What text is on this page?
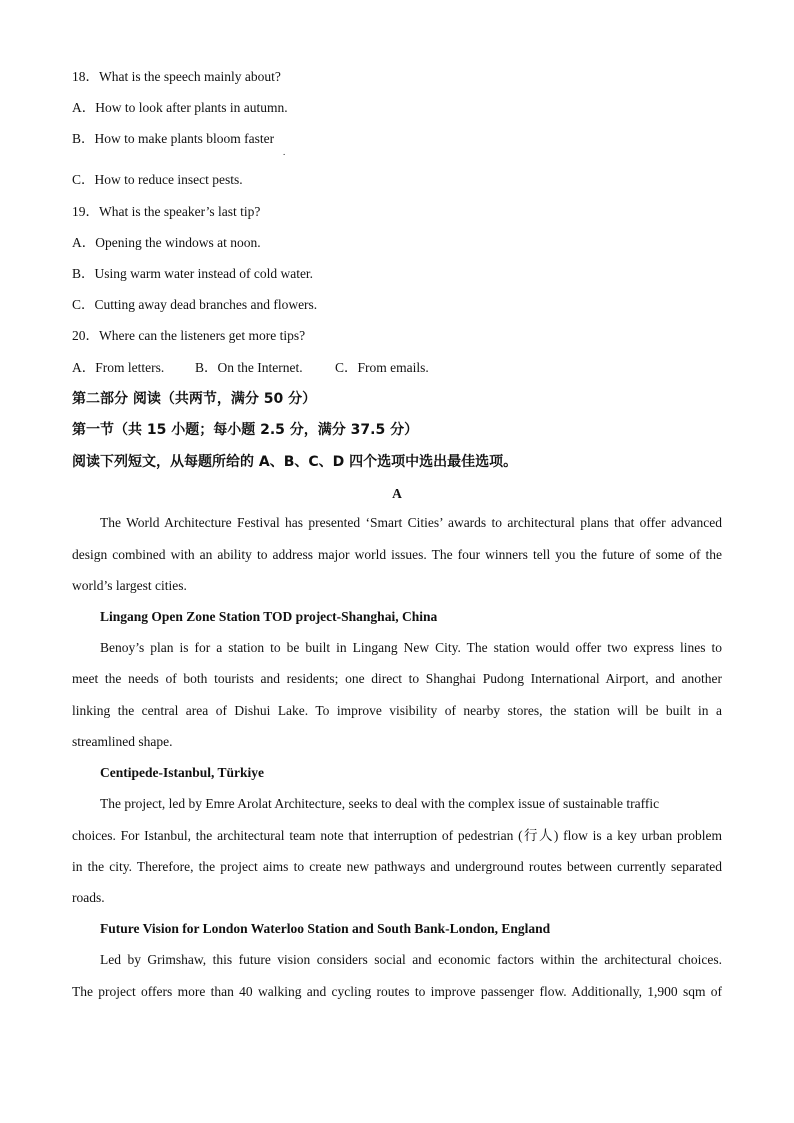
18．What is the speech mainly about?
A．How to look after plants in autumn.
B．How to make plants bloom faster
.
C．How to reduce insect pests.
19．What is the speaker’s last tip?
A．Opening the windows at noon.
B．Using warm water instead of cold water.
C．Cutting away dead branches and flowers.
20．Where can the listeners get more tips?
A．From letters. B．On the Internet. C．From emails.
第二部分 阅读（共两节，满分 50 分）
第一节（共 15 小题；每小题 2.5 分，满分 37.5 分）
阅读下列短文，从每题所给的 A、B、C、D 四个选项中选出最佳选项。
A
The World Architecture Festival has presented ‘Smart Cities’ awards to architectural plans that offer advanced
design combined with an ability to address major world issues. The four winners tell you the future of some of the
world’s largest cities.
Lingang Open Zone Station TOD project-Shanghai, China
Benoy’s plan is for a station to be built in Lingang New City. The station would offer two express lines to
meet the needs of both tourists and residents; one direct to Shanghai Pudong International Airport, and another
linking the central area of Dishui Lake. To improve visibility of nearby stores, the station will be built in a
streamlined shape.
Centipede-Istanbul, Türkiye
The project, led by Emre Arolat Architecture, seeks to deal with the complex issue of sustainable traffic
choices. For Istanbul, the architectural team note that interruption of pedestrian (行人) flow is a key urban problem
in the city. Therefore, the project aims to create new pathways and underground routes between currently separated
roads.
Future Vision for London Waterloo Station and South Bank-London, England
Led by Grimshaw, this future vision considers social and economic factors within the architectural choices.
The project offers more than 40 walking and cycling routes to improve passenger flow. Additionally, 1,900 sqm of
